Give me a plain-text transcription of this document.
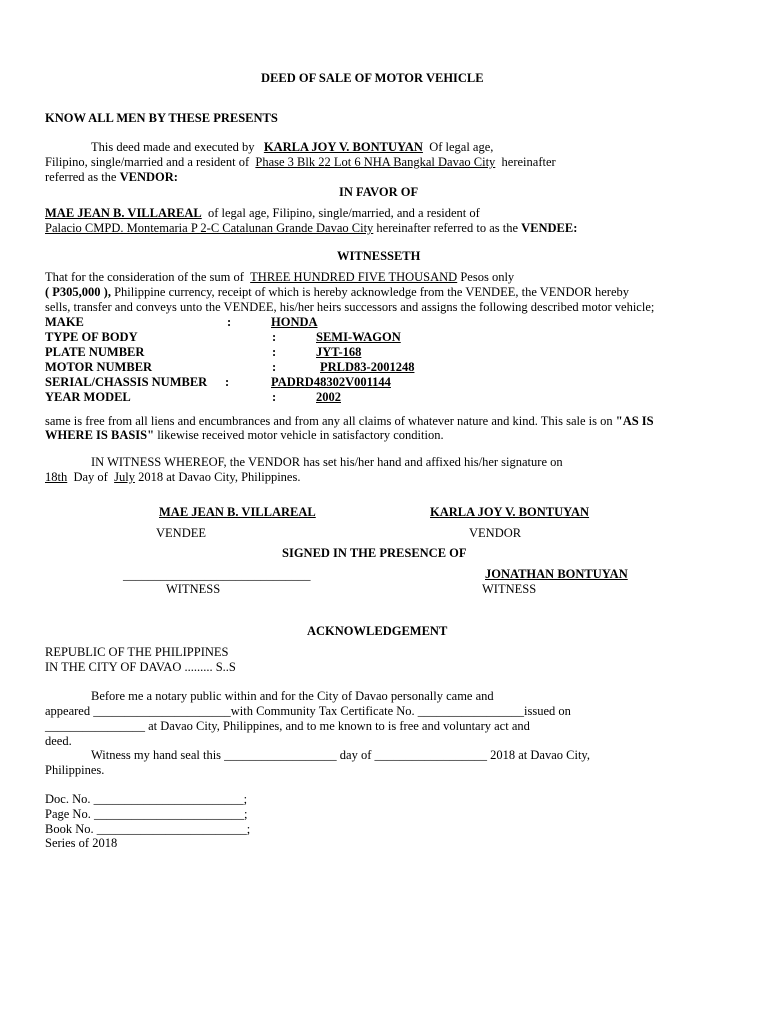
DEED OF SALE OF MOTOR VEHICLE
KNOW ALL MEN BY THESE PRESENTS
This deed made and executed by KARLA JOY V. BONTUYAN Of legal age,
Filipino, single/married and a resident of Phase 3 Blk 22 Lot 6 NHA Bangkal Davao City hereinafter
referred as the VENDOR:
IN FAVOR OF
MAE JEAN B. VILLAREAL of legal age, Filipino, single/married, and a resident of
Palacio CMPD. Montemaria P 2-C Catalunan Grande Davao City hereinafter referred to as the VENDEE:
WITNESSETH
That for the consideration of the sum of THREE HUNDRED FIVE THOUSAND Pesos only
( P305,000 ), Philippine currency, receipt of which is hereby acknowledge from the VENDEE, the VENDOR hereby
sells, transfer and conveys unto the VENDEE, his/her heirs successors and assigns the following described motor vehicle;
MAKE	:	HONDA
TYPE OF BODY	:	SEMI-WAGON
PLATE NUMBER	:	JYT-168
MOTOR NUMBER	:	PRLD83-2001248
SERIAL/CHASSIS NUMBER :	PADRD48302V001144
YEAR MODEL	:	2002
same is free from all liens and encumbrances and from any all claims of whatever nature and kind. This sale is on "AS IS
WHERE IS BASIS" likewise received motor vehicle in satisfactory condition.
IN WITNESS WHEREOF, the VENDOR has set his/her hand and affixed his/her signature on
18th Day of July 2018 at Davao City, Philippines.
MAE JEAN B. VILLAREAL	KARLA JOY V. BONTUYAN
VENDEE	VENDOR
SIGNED IN THE PRESENCE OF
______________________________	JONATHAN BONTUYAN
WITNESS	WITNESS
ACKNOWLEDGEMENT
REPUBLIC OF THE PHILIPPINES
IN THE CITY OF DAVAO ......... S..S
Before me a notary public within and for the City of Davao personally came and
appeared ______________________with Community Tax Certificate No. _________________issued on
________________ at Davao City, Philippines, and to me known to is free and voluntary act and
deed.
Witness my hand seal this __________________ day of __________________ 2018 at Davao City,
Philippines.
Doc. No. ________________________;
Page No. ________________________;
Book No. ________________________;
Series of 2018
